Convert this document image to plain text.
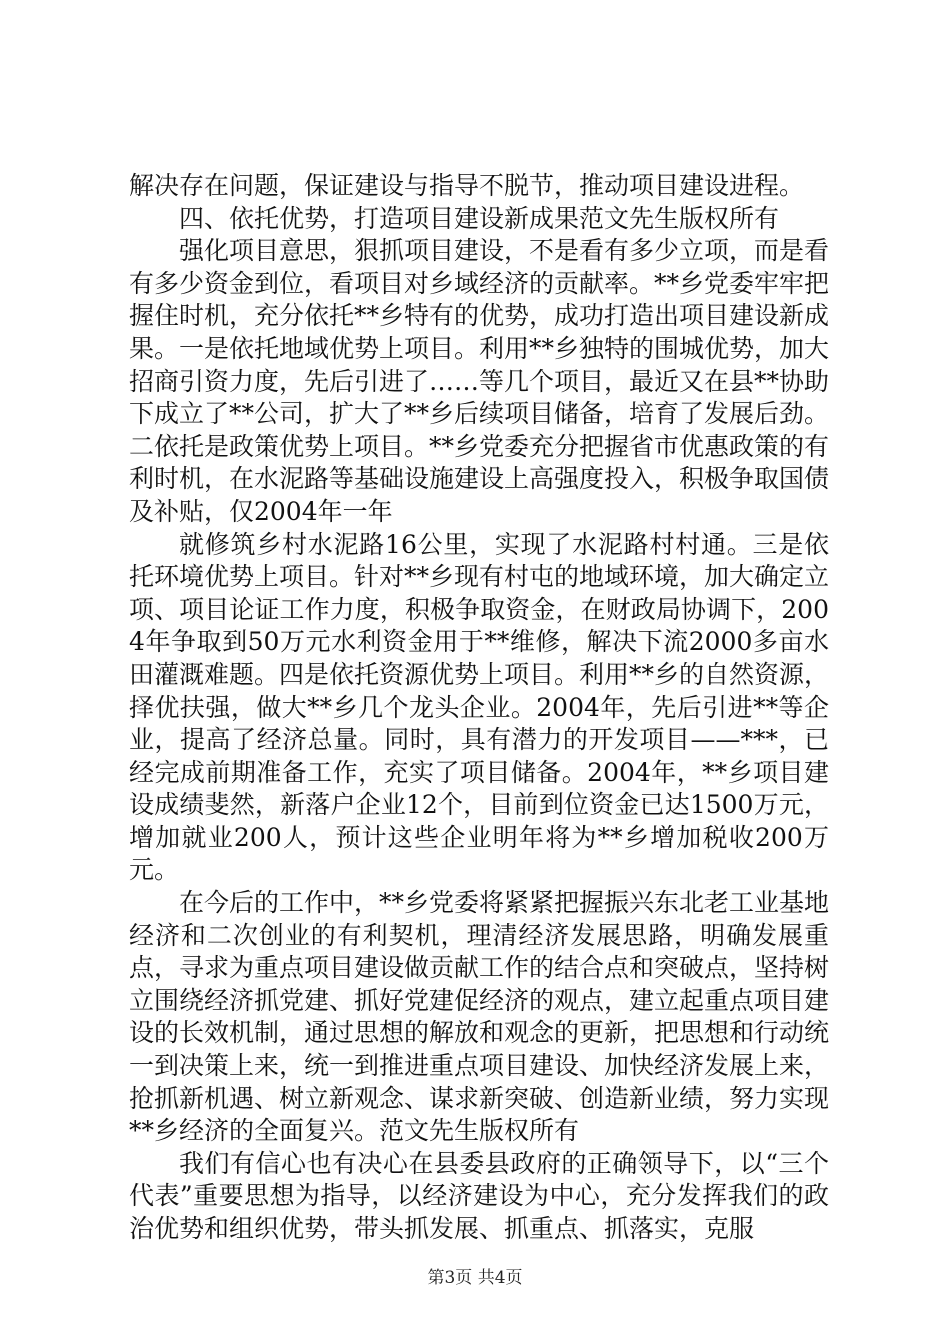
解决存在问题，保证建设与指导不脱节，推动项目建设进程。

四、依托优势，打造项目建设新成果范文先生版权所有

强化项目意思，狠抓项目建设，不是看有多少立项，而是看有多少资金到位，看项目对乡域经济的贡献率。**乡党委牢牢把握住时机，充分依托**乡特有的优势，成功打造出项目建设新成果。一是依托地域优势上项目。利用**乡独特的围城优势，加大招商引资力度，先后引进了……等几个项目，最近又在县**协助下成立了**公司，扩大了**乡后续项目储备，培育了发展后劲。二依托是政策优势上项目。**乡党委充分把握省市优惠政策的有利时机，在水泥路等基础设施建设上高强度投入，积极争取国债及补贴，仅2004年一年

就修筑乡村水泥路16公里，实现了水泥路村村通。三是依托环境优势上项目。针对**乡现有村屯的地域环境，加大确定立项、项目论证工作力度，积极争取资金，在财政局协调下，2004年争取到50万元水利资金用于**维修，解决下流2000多亩水田灌溉难题。四是依托资源优势上项目。利用**乡的自然资源，择优扶强，做大**乡几个龙头企业。2004年，先后引进**等企业，提高了经济总量。同时，具有潜力的开发项目——***，已经完成前期准备工作，充实了项目储备。2004年，**乡项目建设成绩斐然，新落户企业12个，目前到位资金已达1500万元，增加就业200人，预计这些企业明年将为**乡增加税收200万元。

在今后的工作中，**乡党委将紧紧把握振兴东北老工业基地经济和二次创业的有利契机，理清经济发展思路，明确发展重点，寻求为重点项目建设做贡献工作的结合点和突破点，坚持树立围绕经济抓党建、抓好党建促经济的观点，建立起重点项目建设的长效机制，通过思想的解放和观念的更新，把思想和行动统一到决策上来，统一到推进重点项目建设、加快经济发展上来，抢抓新机遇、树立新观念、谋求新突破、创造新业绩，努力实现**乡经济的全面复兴。范文先生版权所有

我们有信心也有决心在县委县政府的正确领导下，以“三个代表”重要思想为指导，以经济建设为中心，充分发挥我们的政治优势和组织优势，带头抓发展、抓重点、抓落实，克服

第3页 共4页
